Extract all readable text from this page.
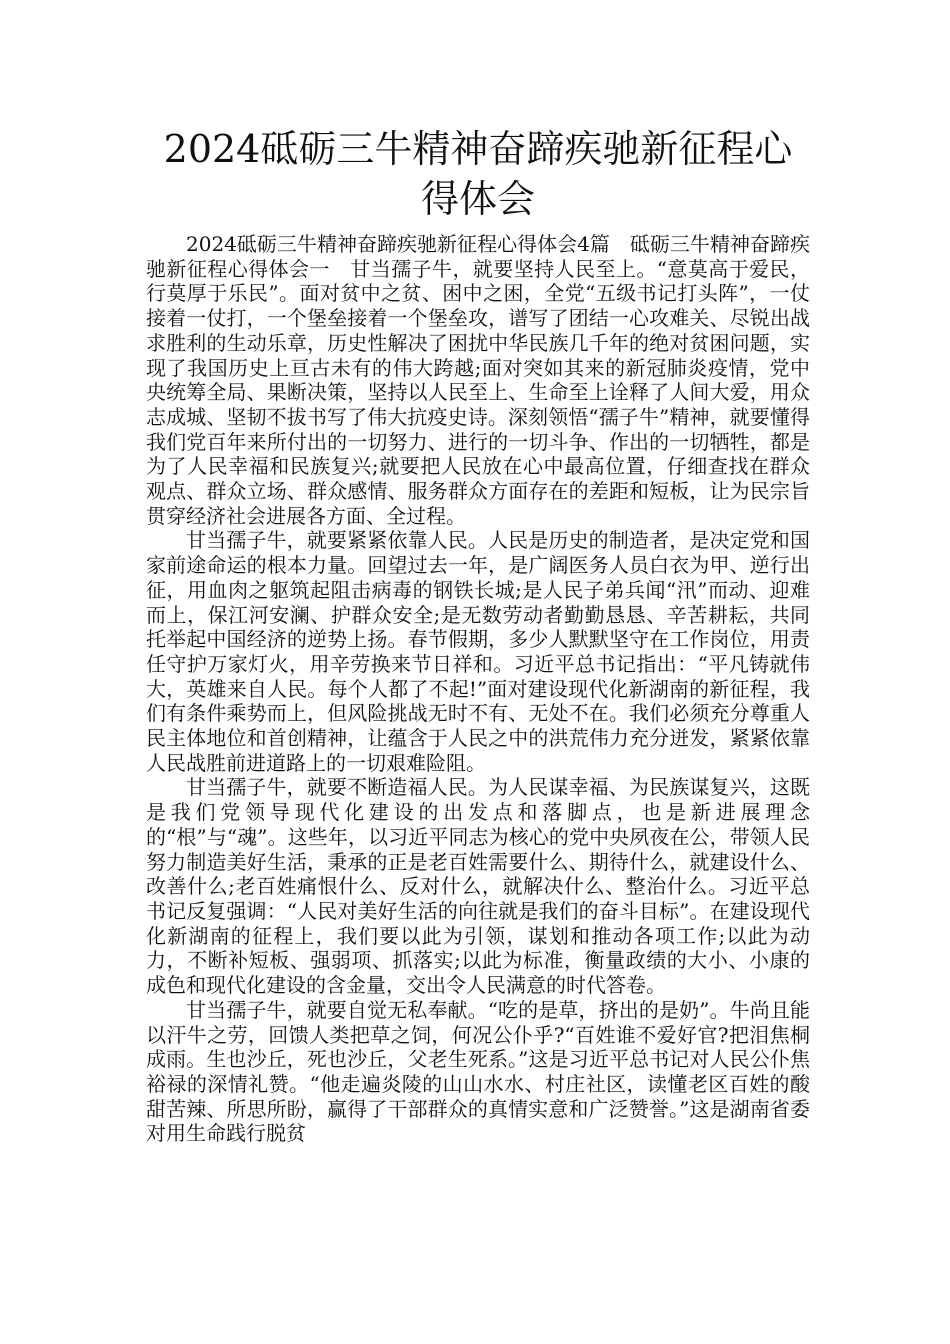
2024砥砺三牛精神奋蹄疾驰新征程心得体会

2024砥砺三牛精神奋蹄疾驰新征程心得体会4篇　砥砺三牛精神奋蹄疾驰新征程心得体会一　甘当孺子牛，就要坚持人民至上。“意莫高于爱民，行莫厚于乐民”。面对贫中之贫、困中之困，全党“五级书记打头阵”，一仗接着一仗打，一个堡垒接着一个堡垒攻，谱写了团结一心攻难关、尽锐出战求胜利的生动乐章，历史性解决了困扰中华民族几千年的绝对贫困问题，实现了我国历史上亘古未有的伟大跨越;面对突如其来的新冠肺炎疫情，党中央统筹全局、果断决策，坚持以人民至上、生命至上诠释了人间大爱，用众志成城、坚韧不拔书写了伟大抗疫史诗。深刻领悟“孺子牛”精神，就要懂得我们党百年来所付出的一切努力、进行的一切斗争、作出的一切牺牲，都是为了人民幸福和民族复兴;就要把人民放在心中最高位置，仔细查找在群众观点、群众立场、群众感情、服务群众方面存在的差距和短板，让为民宗旨贯穿经济社会进展各方面、全过程。

甘当孺子牛，就要紧紧依靠人民。人民是历史的制造者，是决定党和国家前途命运的根本力量。回望过去一年，是广阔医务人员白衣为甲、逆行出征，用血肉之躯筑起阻击病毒的钢铁长城;是人民子弟兵闻“汛”而动、迎难而上，保江河安澜、护群众安全;是无数劳动者勤勤恳恳、辛苦耕耘，共同托举起中国经济的逆势上扬。春节假期，多少人默默坚守在工作岗位，用责任守护万家灯火，用辛劳换来节日祥和。习近平总书记指出：“平凡铸就伟大，英雄来自人民。每个人都了不起!”面对建设现代化新湖南的新征程，我　们有条件乘势而上，但风险挑战无时不有、无处不在。我们必须充分尊重人民主体地位和首创精神，让蕴含于人民之中的洪荒伟力充分迸发，紧紧依靠人民战胜前进道路上的一切艰难险阻。

甘当孺子牛，就要不断造福人民。为人民谋幸福、为民族谋复兴，这既是我们党领导现代化建设的出发点和落脚点，也是新进展理念的“根”与“魂”。这些年，以习近平同志为核心的党中央夙夜在公，带领人民努力制造美好生活，秉承的正是老百姓需要什么、期待什么，就建设什么、改善什么;老百姓痛恨什么、反对什么，就解决什么、整治什么。习近平总书记反复强调：“人民对美好生活的向往就是我们的奋斗目标”。在建设现代化新湖南的征程上，我们要以此为引领，谋划和推动各项工作;以此为动力，不断补短板、强弱项、抓落实;以此为标准，衡量政绩的大小、小康的成色和现代化建设的含金量，交出令人民满意的时代答卷。

甘当孺子牛，就要自觉无私奉献。“吃的是草，挤出的是奶”。牛尚且能以汗牛之劳，回馈人类把草之饲，何况公仆乎?“百姓谁不爱好官?把泪焦桐成雨。生也沙丘，死也沙丘，父老生死系。”这是习近平总书记对人民公仆焦裕禄的深情礼赞。“他走遍炎陵的山山水水、村庄社区，读懂老区百姓的酸甜苦辣、所思所盼，赢得了干部群众的真情实意和广泛赞誉。”这是湖南省委对用生命践行脱贫
